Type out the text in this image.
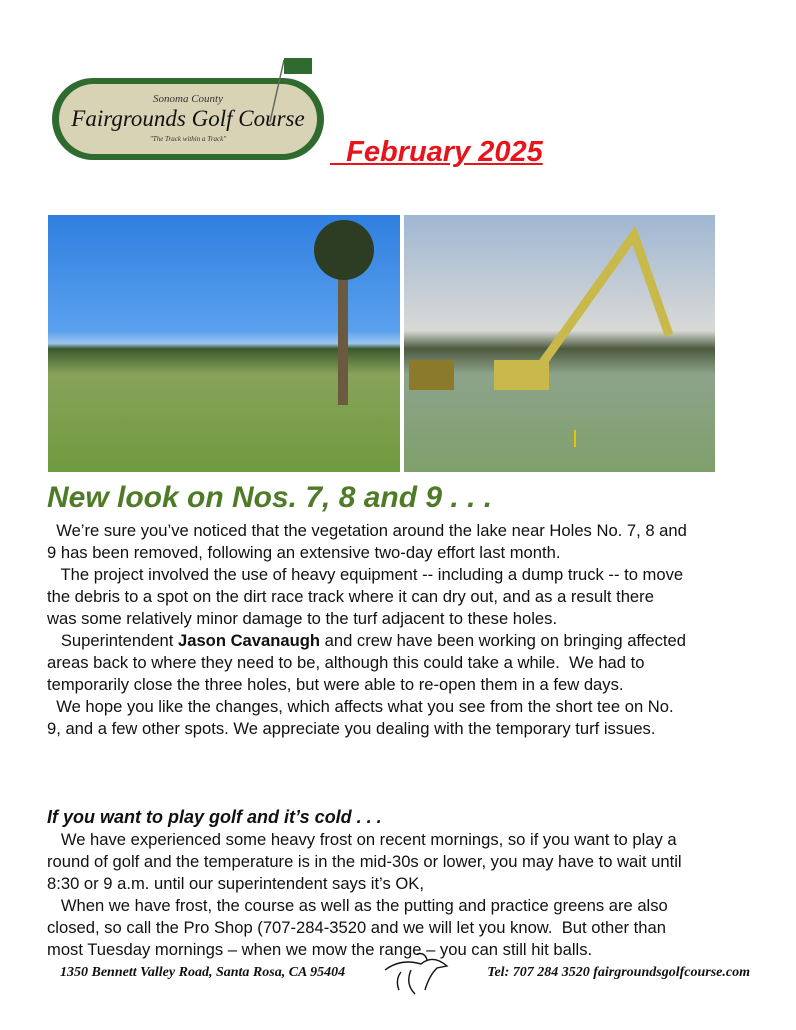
Sonoma County
Fairgrounds Golf Course
"The Track within a Track"	February 2025
New look on Nos. 7, 8 and 9 . . .
We’re sure you’ve noticed that the vegetation around the lake near Holes No. 7, 8 and
9 has been removed, following an extensive two-day effort last month.
The project involved the use of heavy equipment -- including a dump truck -- to move
the debris to a spot on the dirt race track where it can dry out, and as a result there
was some relatively minor damage to the turf adjacent to these holes.
Superintendent Jason Cavanaugh and crew have been working on bringing affected
areas back to where they need to be, although this could take a while.  We had to
temporarily close the three holes, but were able to re-open them in a few days.
We hope you like the changes, which affects what you see from the short tee on No.
9, and a few other spots. We appreciate you dealing with the temporary turf issues.
If you want to play golf and it’s cold . . .
We have experienced some heavy frost on recent mornings, so if you want to play a
round of golf and the temperature is in the mid-30s or lower, you may have to wait until
8:30 or 9 a.m. until our superintendent says it’s OK,
When we have frost, the course as well as the putting and practice greens are also
closed, so call the Pro Shop (707-284-3520 and we will let you know.  But other than
most Tuesday mornings – when we mow the range – you can still hit balls.
1350 Bennett Valley Road, Santa Rosa, CA 95404	Tel: 707 284 3520 fairgroundsgolfcourse.com
